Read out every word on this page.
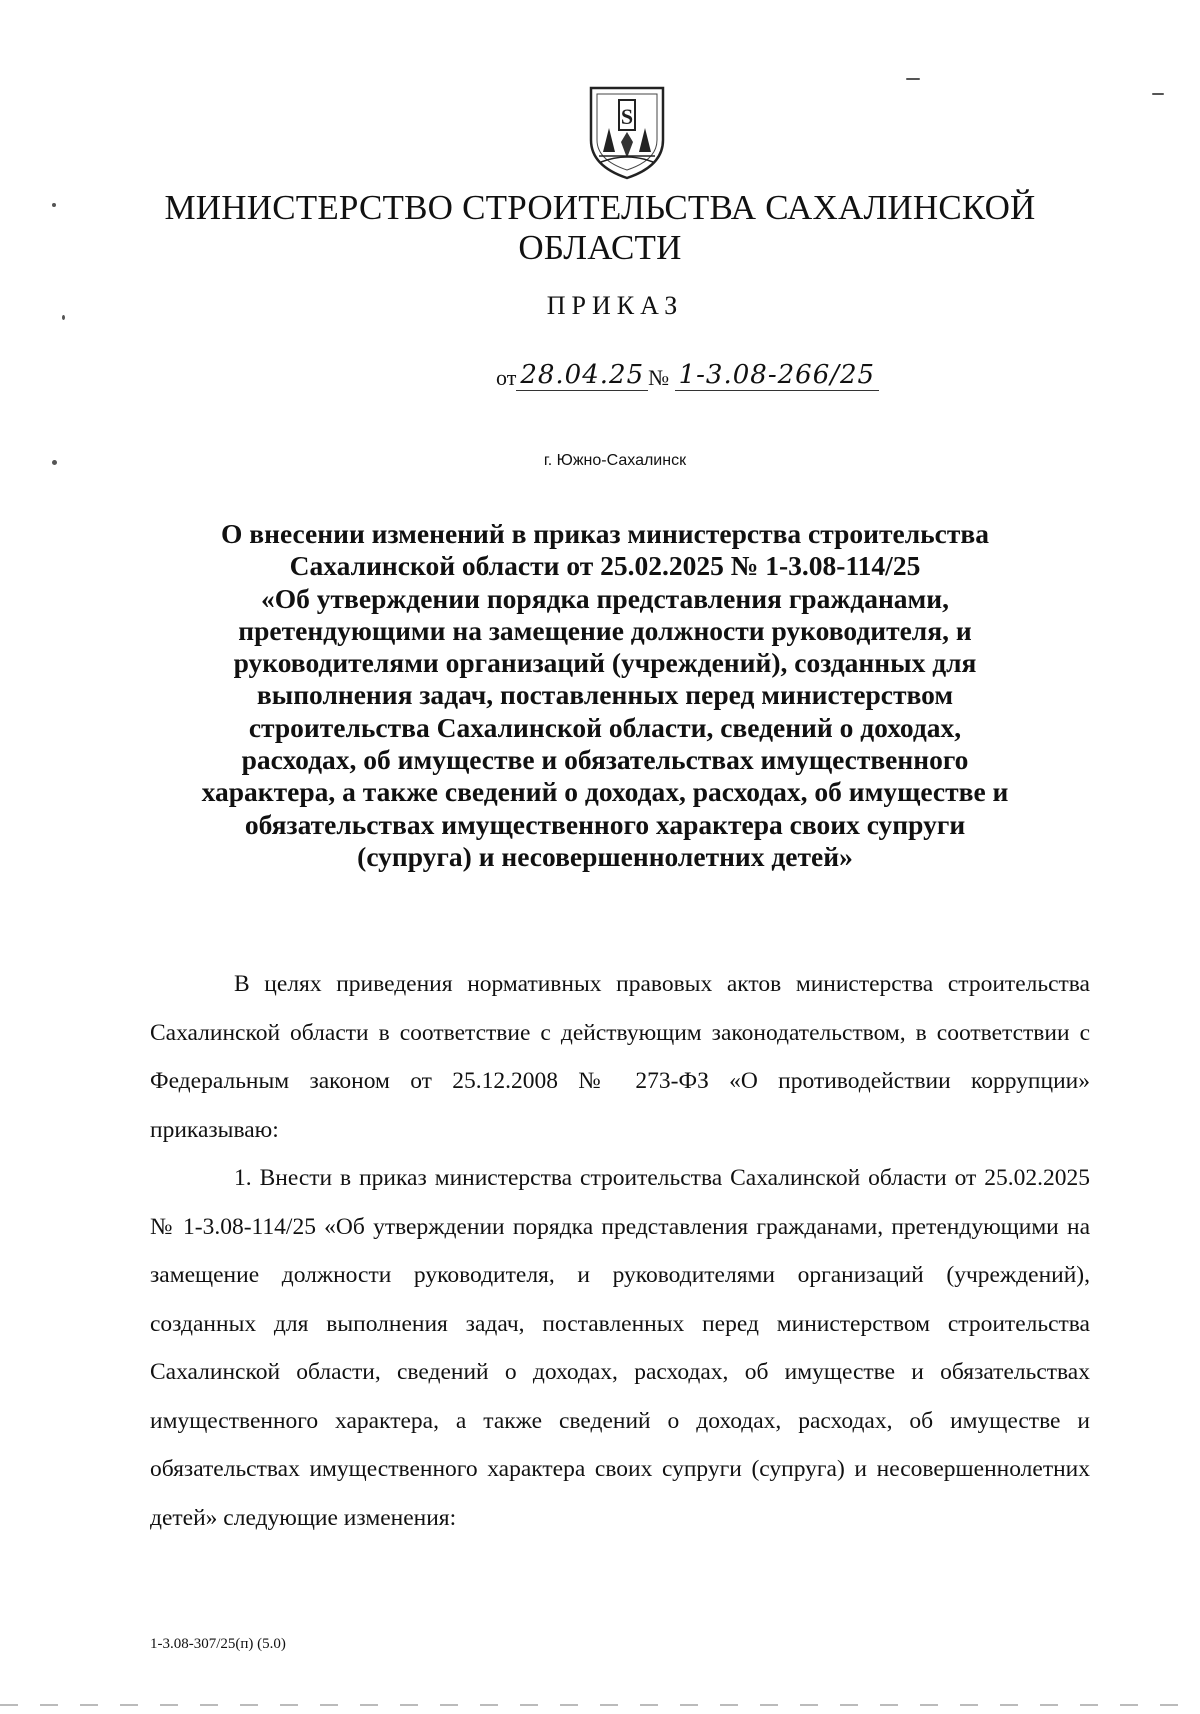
S
МИНИСТЕРСТВО СТРОИТЕЛЬСТВА САХАЛИНСКОЙ
ОБЛАСТИ
ПРИКАЗ
от 28.04.25 № 1-3.08-266/25
г. Южно-Сахалинск
О внесении изменений в приказ министерства строительства
Сахалинской области от 25.02.2025 № 1-3.08-114/25
«Об утверждении порядка представления гражданами,
претендующими на замещение должности руководителя, и
руководителями организаций (учреждений), созданных для
выполнения задач, поставленных перед министерством
строительства Сахалинской области, сведений о доходах,
расходах, об имуществе и обязательствах имущественного
характера, а также сведений о доходах, расходах, об имуществе и
обязательствах имущественного характера своих супруги
(супруга) и несовершеннолетних детей»

В целях приведения нормативных правовых актов министерства строительства Сахалинской области в соответствие с действующим законодательством, в соответствии с Федеральным законом от 25.12.2008 № 273-ФЗ «О противодействии коррупции» приказываю:

1. Внести в приказ министерства строительства Сахалинской области от 25.02.2025 № 1-3.08-114/25 «Об утверждении порядка представления гражданами, претендующими на замещение должности руководителя, и руководителями организаций (учреждений), созданных для выполнения задач, поставленных перед министерством строительства Сахалинской области, сведений о доходах, расходах, об имуществе и обязательствах имущественного характера, а также сведений о доходах, расходах, об имуществе и обязательствах имущественного характера своих супруги (супруга) и несовершеннолетних детей» следующие изменения:

1-3.08-307/25(п) (5.0)
